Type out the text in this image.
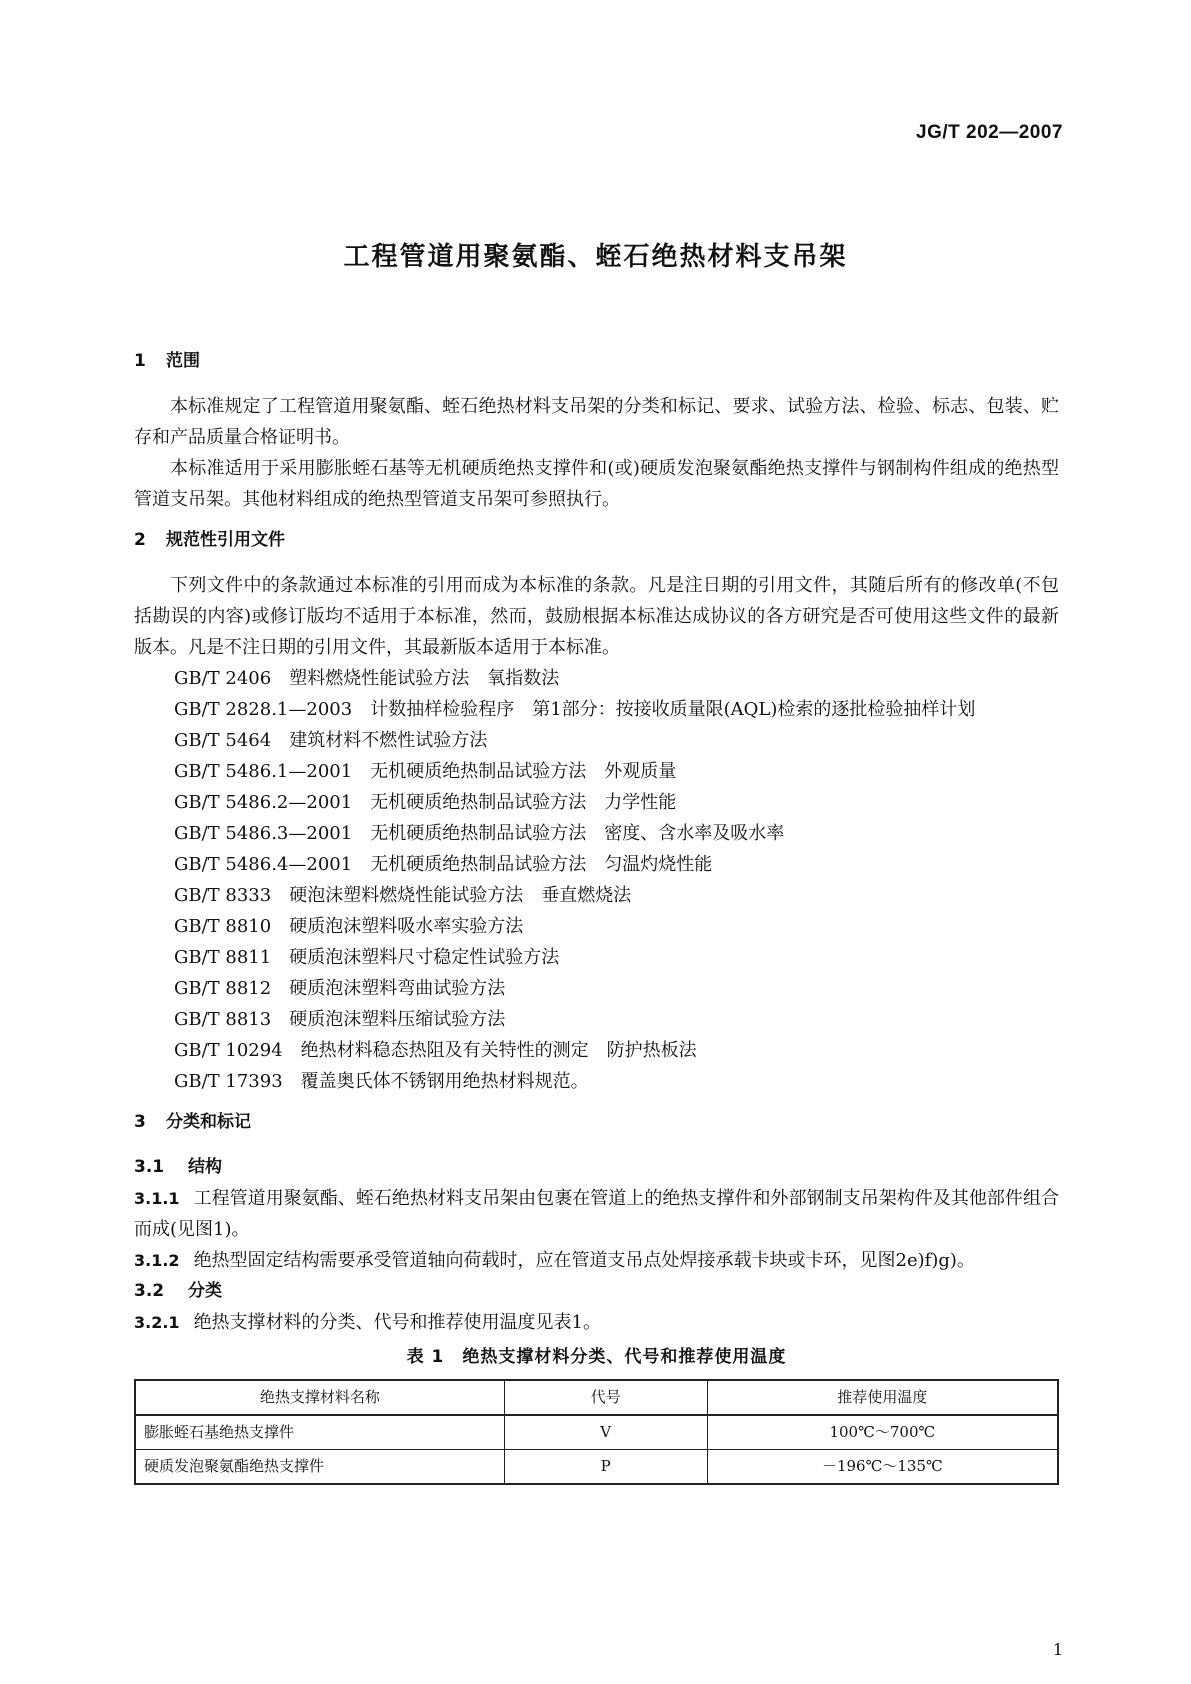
JG/T 202—2007
工程管道用聚氨酯、蛭石绝热材料支吊架
1 范围

本标准规定了工程管道用聚氨酯、蛭石绝热材料支吊架的分类和标记、要求、试验方法、检验、标志、包装、贮存和产品质量合格证明书。

本标准适用于采用膨胀蛭石基等无机硬质绝热支撑件和(或)硬质发泡聚氨酯绝热支撑件与钢制构件组成的绝热型管道支吊架。其他材料组成的绝热型管道支吊架可参照执行。

2 规范性引用文件

下列文件中的条款通过本标准的引用而成为本标准的条款。凡是注日期的引用文件，其随后所有的修改单(不包括勘误的内容)或修订版均不适用于本标准，然而，鼓励根据本标准达成协议的各方研究是否可使用这些文件的最新版本。凡是不注日期的引用文件，其最新版本适用于本标准。

GB/T 2406 塑料燃烧性能试验方法 氧指数法

GB/T 2828.1—2003 计数抽样检验程序 第1部分：按接收质量限(AQL)检索的逐批检验抽样计划

GB/T 5464 建筑材料不燃性试验方法

GB/T 5486.1—2001 无机硬质绝热制品试验方法 外观质量

GB/T 5486.2—2001 无机硬质绝热制品试验方法 力学性能

GB/T 5486.3—2001 无机硬质绝热制品试验方法 密度、含水率及吸水率

GB/T 5486.4—2001 无机硬质绝热制品试验方法 匀温灼烧性能

GB/T 8333 硬泡沫塑料燃烧性能试验方法 垂直燃烧法

GB/T 8810 硬质泡沫塑料吸水率实验方法

GB/T 8811 硬质泡沫塑料尺寸稳定性试验方法

GB/T 8812 硬质泡沫塑料弯曲试验方法

GB/T 8813 硬质泡沫塑料压缩试验方法

GB/T 10294 绝热材料稳态热阻及有关特性的测定 防护热板法

GB/T 17393 覆盖奥氏体不锈钢用绝热材料规范。

3 分类和标记
3.1 结构

3.1.1 工程管道用聚氨酯、蛭石绝热材料支吊架由包裹在管道上的绝热支撑件和外部钢制支吊架构件及其他部件组合而成(见图1)。

3.1.2 绝热型固定结构需要承受管道轴向荷载时，应在管道支吊点处焊接承载卡块或卡环，见图2e)f)g)。

3.2 分类

3.2.1 绝热支撑材料的分类、代号和推荐使用温度见表1。

表 1　绝热支撑材料分类、代号和推荐使用温度
绝热支撑材料名称	代号	推荐使用温度
膨胀蛭石基绝热支撑件	V	100℃～700℃
硬质发泡聚氨酯绝热支撑件	P	－196℃～135℃
1
